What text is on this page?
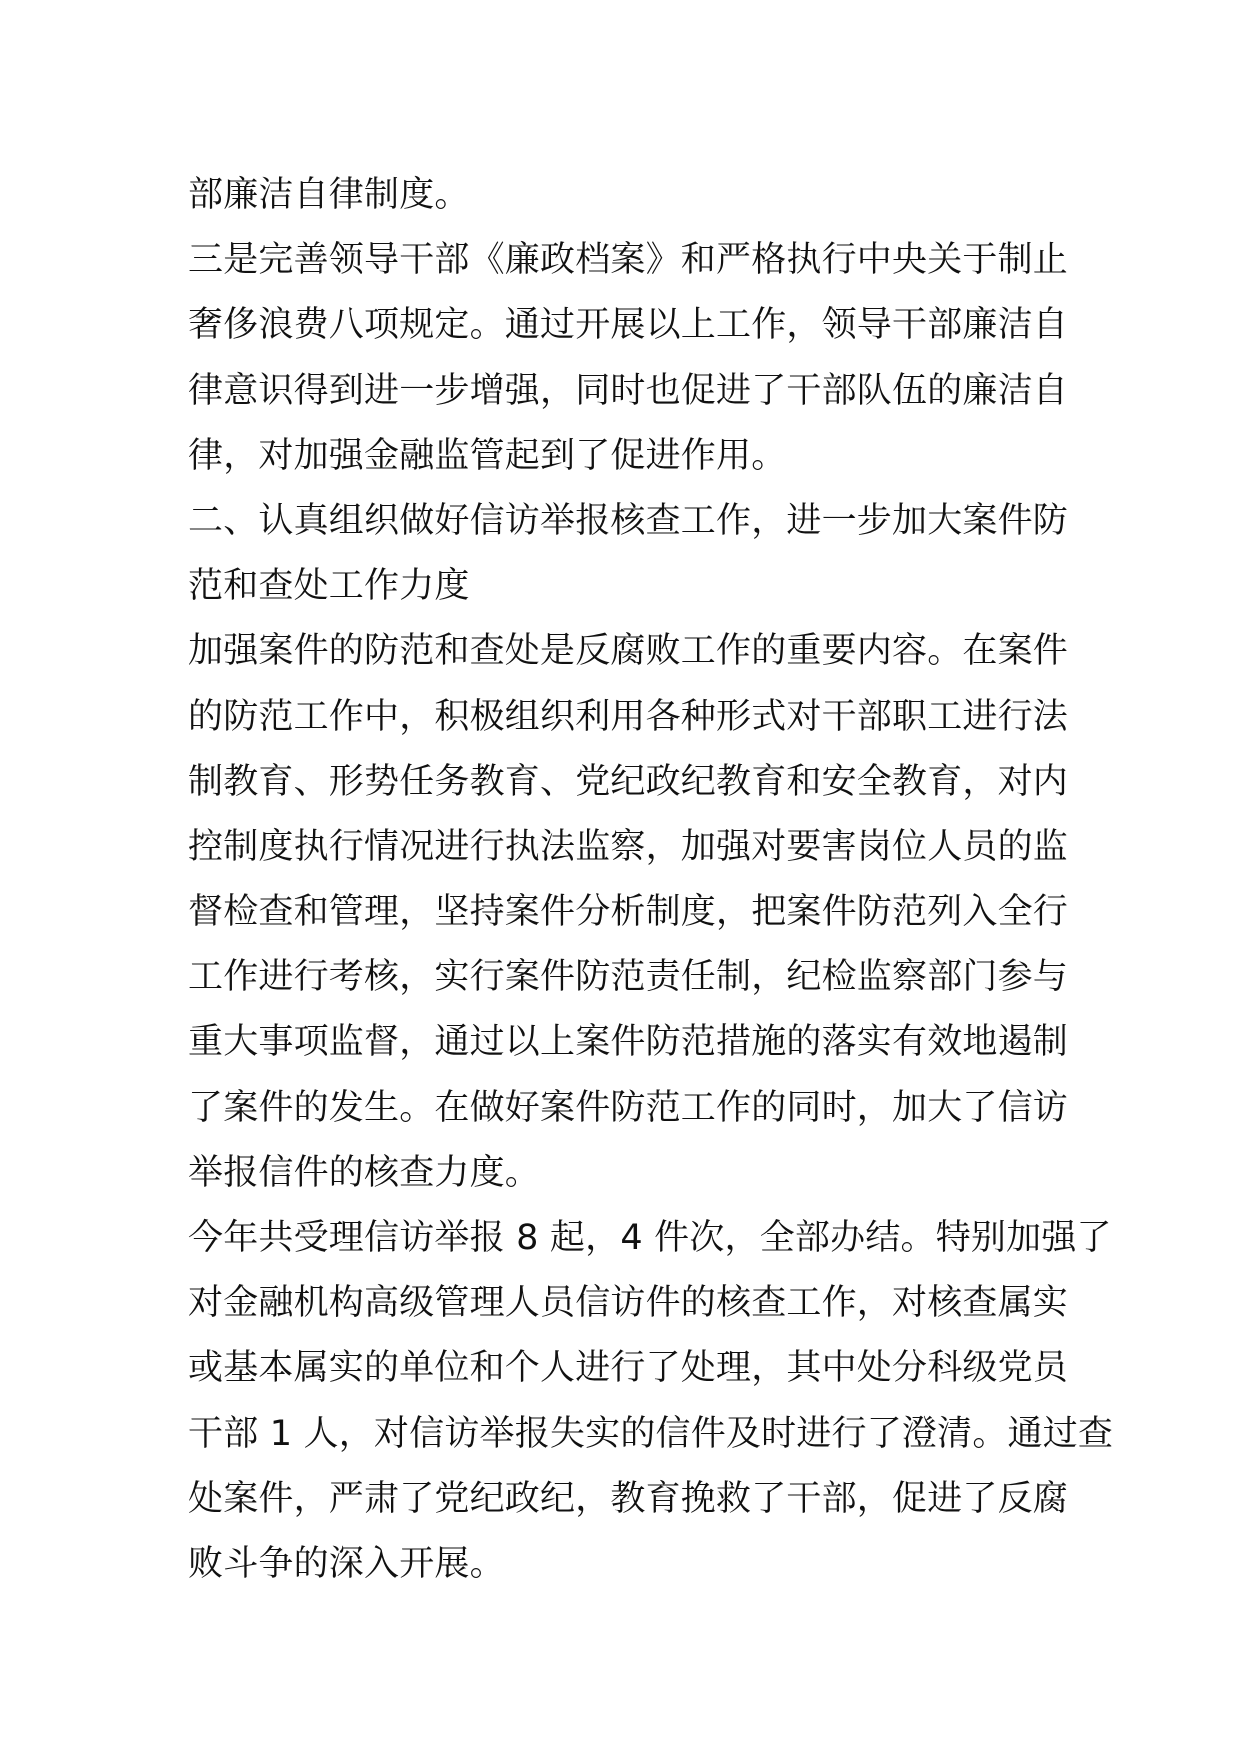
部廉洁自律制度。
三是完善领导干部《廉政档案》和严格执行中央关于制止
奢侈浪费八项规定。通过开展以上工作，领导干部廉洁自
律意识得到进一步增强，同时也促进了干部队伍的廉洁自
律，对加强金融监管起到了促进作用。
二、认真组织做好信访举报核查工作，进一步加大案件防
范和查处工作力度
加强案件的防范和查处是反腐败工作的重要内容。在案件
的防范工作中，积极组织利用各种形式对干部职工进行法
制教育、形势任务教育、党纪政纪教育和安全教育，对内
控制度执行情况进行执法监察，加强对要害岗位人员的监
督检查和管理，坚持案件分析制度，把案件防范列入全行
工作进行考核，实行案件防范责任制，纪检监察部门参与
重大事项监督，通过以上案件防范措施的落实有效地遏制
了案件的发生。在做好案件防范工作的同时，加大了信访
举报信件的核查力度。
今年共受理信访举报 8 起，4 件次，全部办结。特别加强了
对金融机构高级管理人员信访件的核查工作，对核查属实
或基本属实的单位和个人进行了处理，其中处分科级党员
干部 1 人，对信访举报失实的信件及时进行了澄清。通过查
处案件，严肃了党纪政纪，教育挽救了干部，促进了反腐
败斗争的深入开展。
